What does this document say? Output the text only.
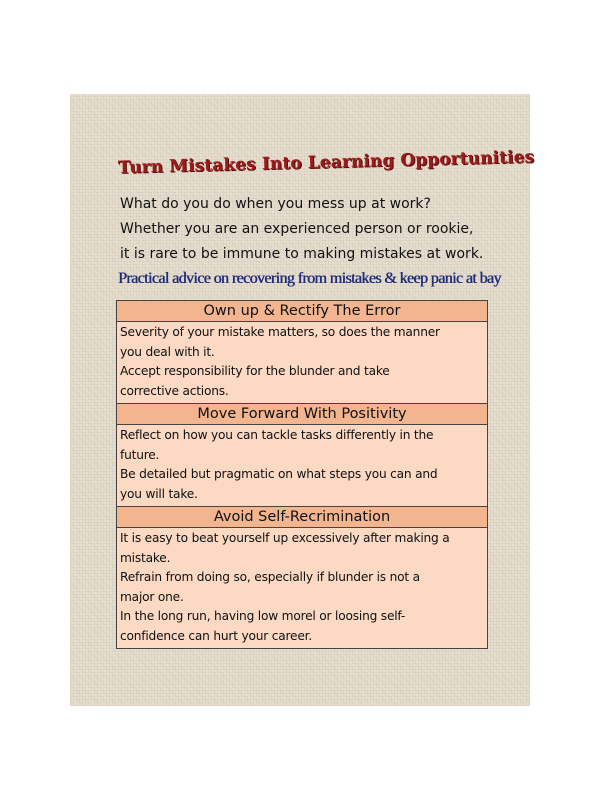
Turn Mistakes Into Learning Opportunities
What do you do when you mess up at work?
Whether you are an experienced person or rookie,
it is rare to be immune to making mistakes at work.
Practical advice on recovering from mistakes & keep panic at bay
Own up & Rectify The Error
Severity of your mistake matters, so does the manner
you deal with it.
Accept responsibility for the blunder and take
corrective actions.
Move Forward With Positivity
Reflect on how you can tackle tasks differently in the
future.
Be detailed but pragmatic on what steps you can and
you will take.
Avoid Self-Recrimination
It is easy to beat yourself up excessively after making a
mistake.
Refrain from doing so, especially if blunder is not a
major one.
In the long run, having low morel or loosing self-
confidence can hurt your career.
